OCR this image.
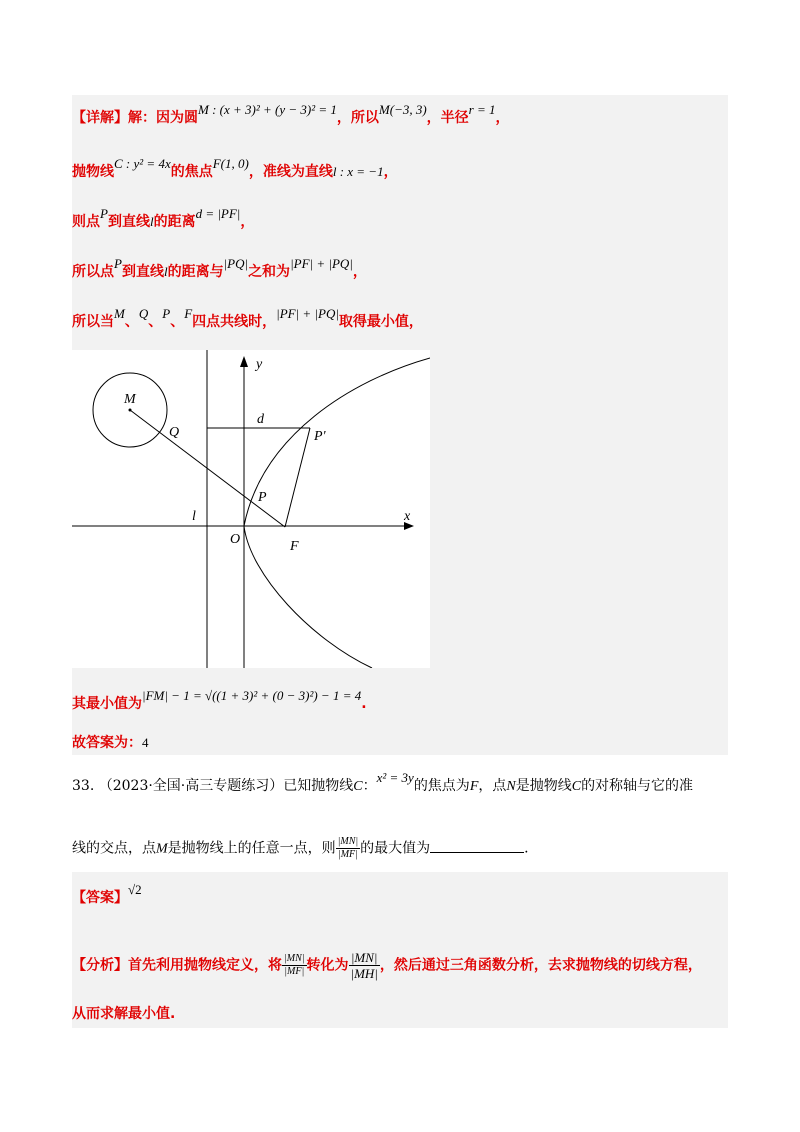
【详解】解：因为圆M : (x + 3)² + (y − 3)² = 1，所以M(−3, 3)，半径r = 1，
抛物线C : y² = 4x的焦点F(1, 0)，准线为直线l : x = −1，
则点P到直线l的距离d = |PF|，
所以点P到直线l的距离与|PQ|之和为|PF| + |PQ|，
所以当M、Q、P、F四点共线时，|PF| + |PQ|取得最小值，
y
x
M
Q
d
P'
P
l
O	F
其最小值为|FM| − 1 = √((1 + 3)² + (0 − 3)²) − 1 = 4.
故答案为：4
33. （2023·全国·高三专题练习）已知抛物线C：x² = 3y的焦点为F，点N是抛物线C的对称轴与它的准
线的交点，点M是抛物线上的任意一点，则 $\frac{|MN|}{|MF|}$ 的最大值为	.
【答案】√2
【分析】首先利用抛物线定义，将 $\frac{|MN|}{|MF|}$ 转化为 $\frac{|MN|}{|MH|}$ ，然后通过三角函数分析，去求抛物线的切线方程，
从而求解最小值.
